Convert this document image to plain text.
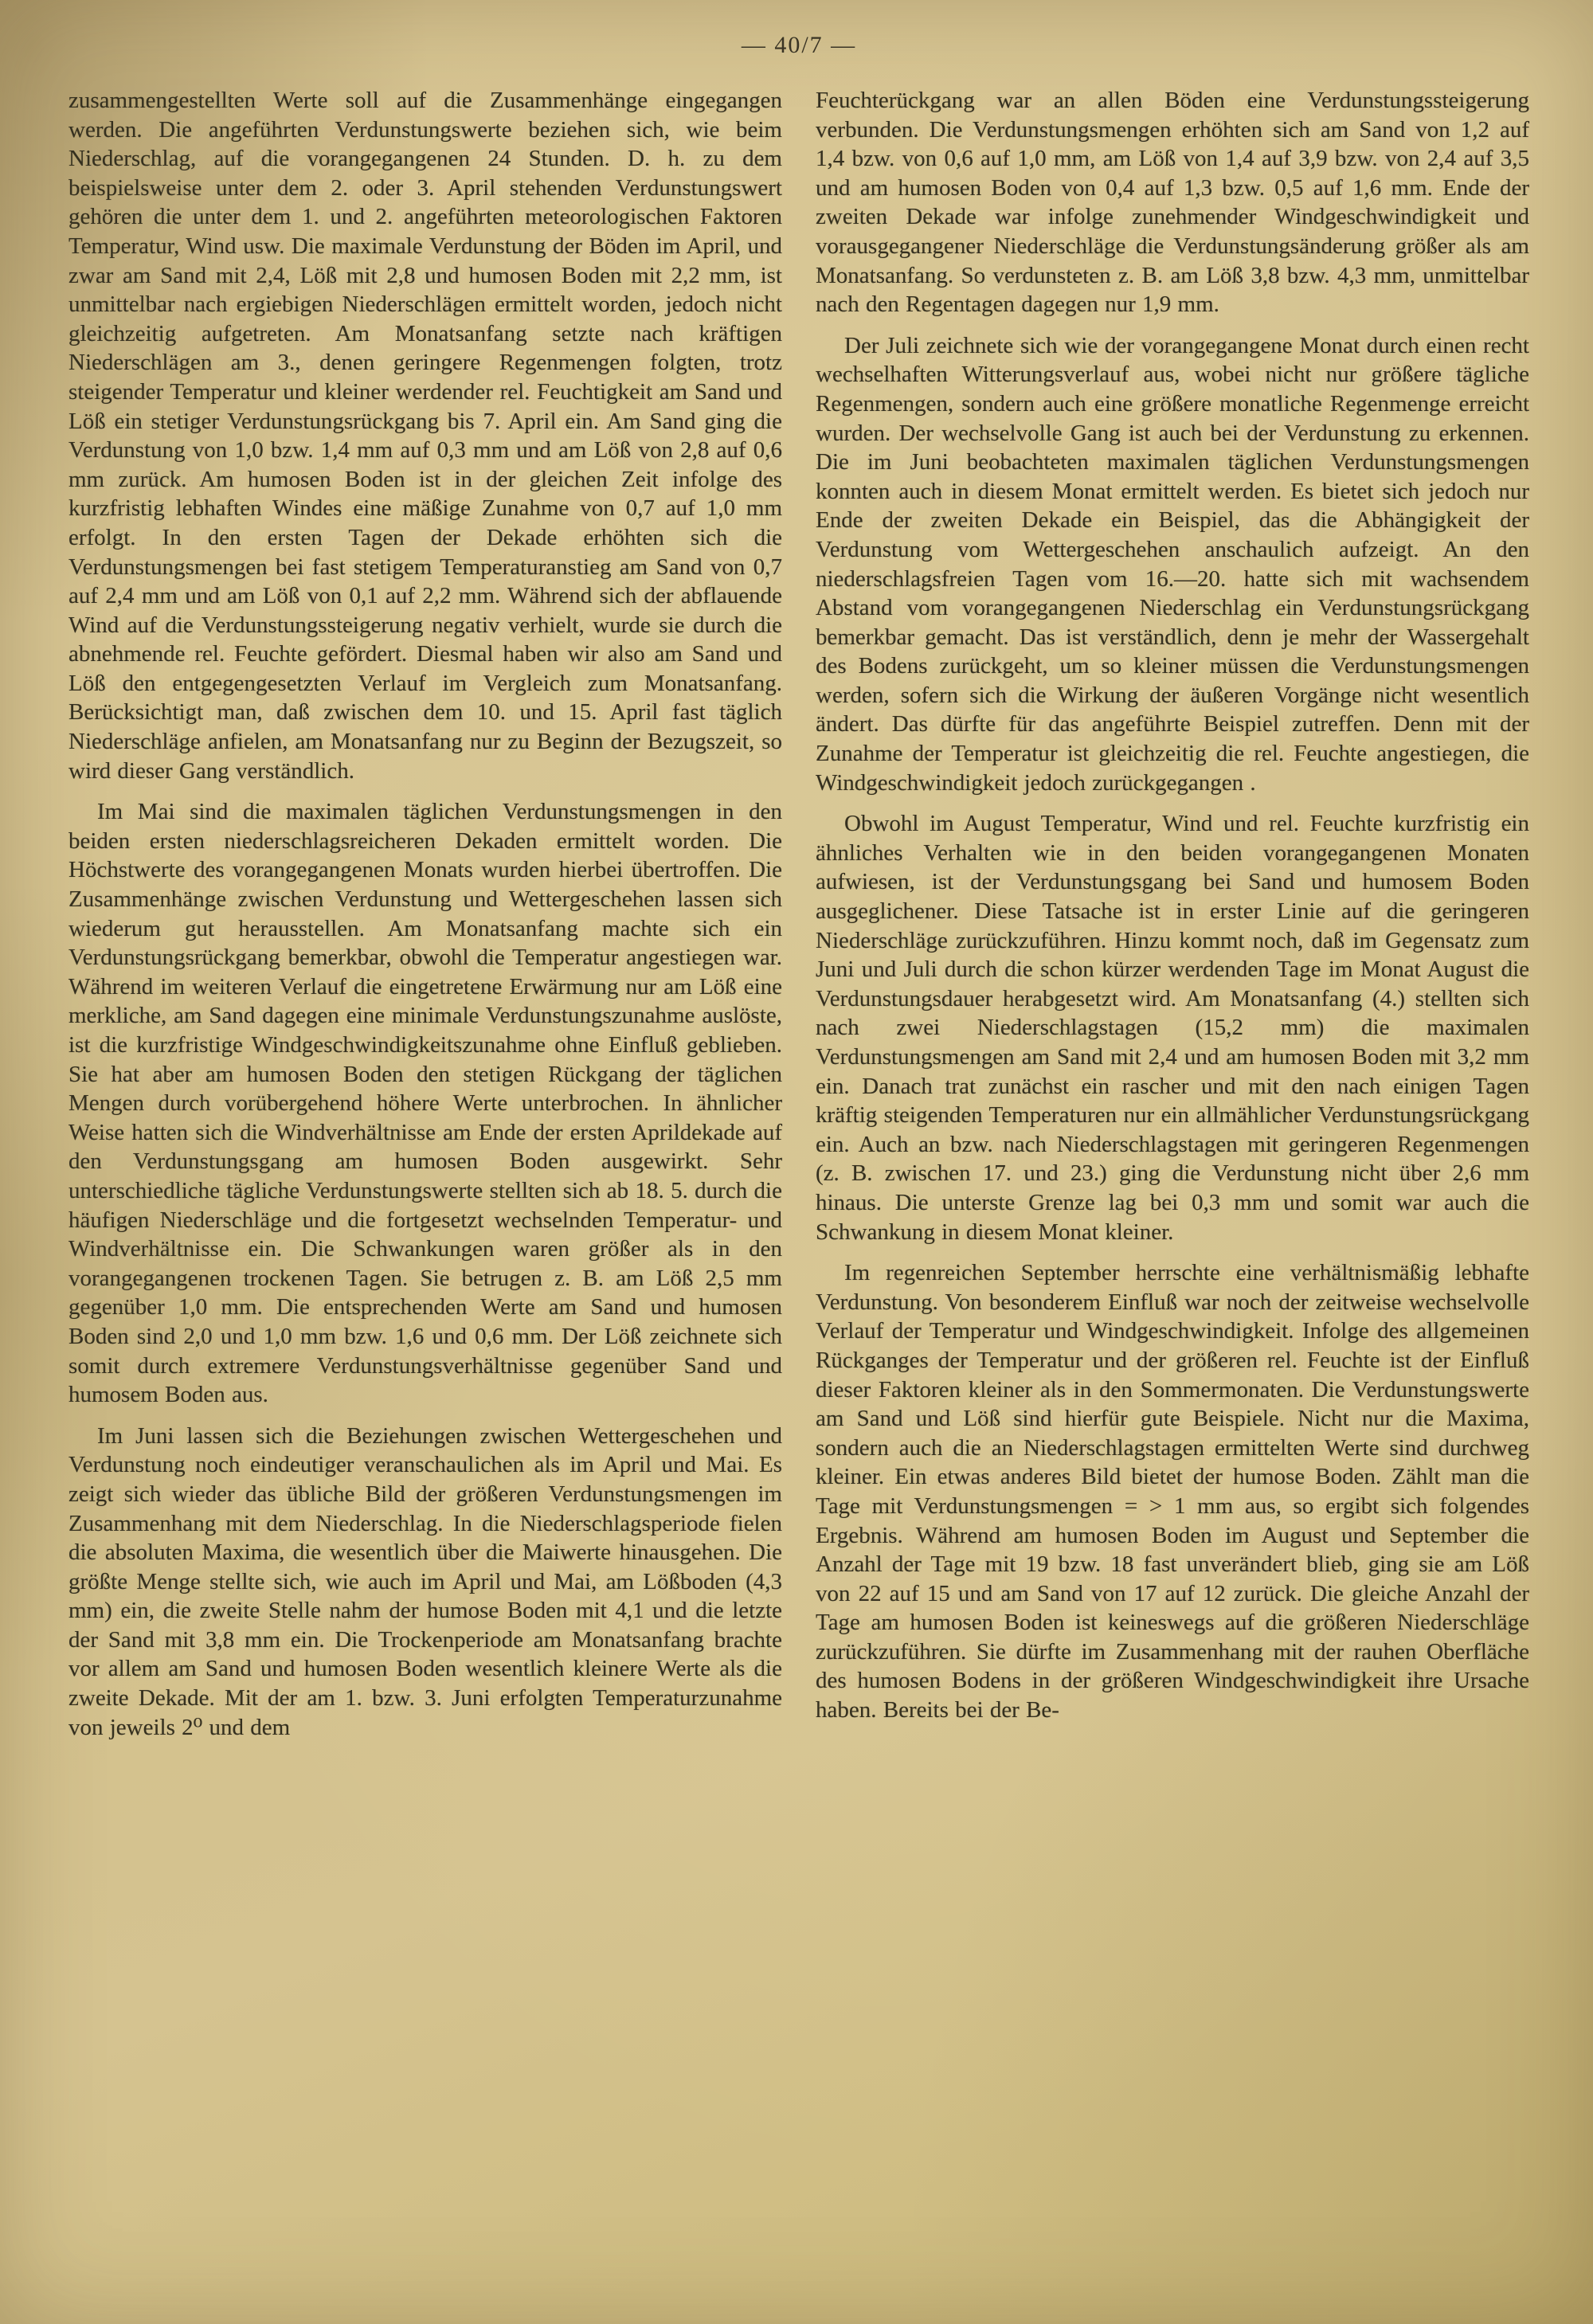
— 40/7 —

zusammengestellten Werte soll auf die Zusammenhänge eingegangen werden. Die angeführten Verdunstungswerte beziehen sich, wie beim Niederschlag, auf die vorangegangenen 24 Stunden. D. h. zu dem beispielsweise unter dem 2. oder 3. April stehenden Verdunstungswert gehören die unter dem 1. und 2. angeführten meteorologischen Faktoren Temperatur, Wind usw. Die maximale Verdunstung der Böden im April, und zwar am Sand mit 2,4, Löß mit 2,8 und humosen Boden mit 2,2 mm, ist unmittelbar nach ergiebigen Niederschlägen ermittelt worden, jedoch nicht gleichzeitig aufgetreten. Am Monatsanfang setzte nach kräftigen Niederschlägen am 3., denen geringere Regenmengen folgten, trotz steigender Temperatur und kleiner werdender rel. Feuchtigkeit am Sand und Löß ein stetiger Verdunstungsrückgang bis 7. April ein. Am Sand ging die Verdunstung von 1,0 bzw. 1,4 mm auf 0,3 mm und am Löß von 2,8 auf 0,6 mm zurück. Am humosen Boden ist in der gleichen Zeit infolge des kurzfristig lebhaften Windes eine mäßige Zunahme von 0,7 auf 1,0 mm erfolgt. In den ersten Tagen der Dekade erhöhten sich die Verdunstungsmengen bei fast stetigem Temperaturanstieg am Sand von 0,7 auf 2,4 mm und am Löß von 0,1 auf 2,2 mm. Während sich der abflauende Wind auf die Verdunstungssteigerung negativ verhielt, wurde sie durch die abnehmende rel. Feuchte gefördert. Diesmal haben wir also am Sand und Löß den entgegengesetzten Verlauf im Vergleich zum Monatsanfang. Berücksichtigt man, daß zwischen dem 10. und 15. April fast täglich Niederschläge anfielen, am Monatsanfang nur zu Beginn der Bezugszeit, so wird dieser Gang verständlich.

Im Mai sind die maximalen täglichen Verdunstungsmengen in den beiden ersten niederschlagsreicheren Dekaden ermittelt worden. Die Höchstwerte des vorangegangenen Monats wurden hierbei übertroffen. Die Zusammenhänge zwischen Verdunstung und Wettergeschehen lassen sich wiederum gut herausstellen. Am Monatsanfang machte sich ein Verdunstungsrückgang bemerkbar, obwohl die Temperatur angestiegen war. Während im weiteren Verlauf die eingetretene Erwärmung nur am Löß eine merkliche, am Sand dagegen eine minimale Verdunstungszunahme auslöste, ist die kurzfristige Windgeschwindigkeitszunahme ohne Einfluß geblieben. Sie hat aber am humosen Boden den stetigen Rückgang der täglichen Mengen durch vorübergehend höhere Werte unterbrochen. In ähnlicher Weise hatten sich die Windverhältnisse am Ende der ersten Aprildekade auf den Verdunstungsgang am humosen Boden ausgewirkt. Sehr unterschiedliche tägliche Verdunstungswerte stellten sich ab 18. 5. durch die häufigen Niederschläge und die fortgesetzt wechselnden Temperatur- und Windverhältnisse ein. Die Schwankungen waren größer als in den vorangegangenen trockenen Tagen. Sie betrugen z. B. am Löß 2,5 mm gegenüber 1,0 mm. Die entsprechenden Werte am Sand und humosen Boden sind 2,0 und 1,0 mm bzw. 1,6 und 0,6 mm. Der Löß zeichnete sich somit durch extremere Verdunstungsverhältnisse gegenüber Sand und humosem Boden aus.

Im Juni lassen sich die Beziehungen zwischen Wettergeschehen und Verdunstung noch eindeutiger veranschaulichen als im April und Mai. Es zeigt sich wieder das übliche Bild der größeren Verdunstungsmengen im Zusammenhang mit dem Niederschlag. In die Niederschlagsperiode fielen die absoluten Maxima, die wesentlich über die Maiwerte hinausgehen. Die größte Menge stellte sich, wie auch im April und Mai, am Lößboden (4,3 mm) ein, die zweite Stelle nahm der humose Boden mit 4,1 und die letzte der Sand mit 3,8 mm ein. Die Trockenperiode am Monatsanfang brachte vor allem am Sand und humosen Boden wesentlich kleinere Werte als die zweite Dekade. Mit der am 1. bzw. 3. Juni erfolgten Temperaturzunahme von jeweils 2⁰ und dem

Feuchterückgang war an allen Böden eine Verdunstungssteigerung verbunden. Die Verdunstungsmengen erhöhten sich am Sand von 1,2 auf 1,4 bzw. von 0,6 auf 1,0 mm, am Löß von 1,4 auf 3,9 bzw. von 2,4 auf 3,5 und am humosen Boden von 0,4 auf 1,3 bzw. 0,5 auf 1,6 mm. Ende der zweiten Dekade war infolge zunehmender Windgeschwindigkeit und vorausgegangener Niederschläge die Verdunstungsänderung größer als am Monatsanfang. So verdunsteten z. B. am Löß 3,8 bzw. 4,3 mm, unmittelbar nach den Regentagen dagegen nur 1,9 mm.

Der Juli zeichnete sich wie der vorangegangene Monat durch einen recht wechselhaften Witterungsverlauf aus, wobei nicht nur größere tägliche Regenmengen, sondern auch eine größere monatliche Regenmenge erreicht wurden. Der wechselvolle Gang ist auch bei der Verdunstung zu erkennen. Die im Juni beobachteten maximalen täglichen Verdunstungsmengen konnten auch in diesem Monat ermittelt werden. Es bietet sich jedoch nur Ende der zweiten Dekade ein Beispiel, das die Abhängigkeit der Verdunstung vom Wettergeschehen anschaulich aufzeigt. An den niederschlagsfreien Tagen vom 16.—20. hatte sich mit wachsendem Abstand vom vorangegangenen Niederschlag ein Verdunstungsrückgang bemerkbar gemacht. Das ist verständlich, denn je mehr der Wassergehalt des Bodens zurückgeht, um so kleiner müssen die Verdunstungsmengen werden, sofern sich die Wirkung der äußeren Vorgänge nicht wesentlich ändert. Das dürfte für das angeführte Beispiel zutreffen. Denn mit der Zunahme der Temperatur ist gleichzeitig die rel. Feuchte angestiegen, die Windgeschwindigkeit jedoch zurückgegangen .

Obwohl im August Temperatur, Wind und rel. Feuchte kurzfristig ein ähnliches Verhalten wie in den beiden vorangegangenen Monaten aufwiesen, ist der Verdunstungsgang bei Sand und humosem Boden ausgeglichener. Diese Tatsache ist in erster Linie auf die geringeren Niederschläge zurückzuführen. Hinzu kommt noch, daß im Gegensatz zum Juni und Juli durch die schon kürzer werdenden Tage im Monat August die Verdunstungsdauer herabgesetzt wird. Am Monatsanfang (4.) stellten sich nach zwei Niederschlagstagen (15,2 mm) die maximalen Verdunstungsmengen am Sand mit 2,4 und am humosen Boden mit 3,2 mm ein. Danach trat zunächst ein rascher und mit den nach einigen Tagen kräftig steigenden Temperaturen nur ein allmählicher Verdunstungsrückgang ein. Auch an bzw. nach Niederschlagstagen mit geringeren Regenmengen (z. B. zwischen 17. und 23.) ging die Verdunstung nicht über 2,6 mm hinaus. Die unterste Grenze lag bei 0,3 mm und somit war auch die Schwankung in diesem Monat kleiner.

Im regenreichen September herrschte eine verhältnismäßig lebhafte Verdunstung. Von besonderem Einfluß war noch der zeitweise wechselvolle Verlauf der Temperatur und Windgeschwindigkeit. Infolge des allgemeinen Rückganges der Temperatur und der größeren rel. Feuchte ist der Einfluß dieser Faktoren kleiner als in den Sommermonaten. Die Verdunstungswerte am Sand und Löß sind hierfür gute Beispiele. Nicht nur die Maxima, sondern auch die an Niederschlagstagen ermittelten Werte sind durchweg kleiner. Ein etwas anderes Bild bietet der humose Boden. Zählt man die Tage mit Verdunstungsmengen = > 1 mm aus, so ergibt sich folgendes Ergebnis. Während am humosen Boden im August und September die Anzahl der Tage mit 19 bzw. 18 fast unverändert blieb, ging sie am Löß von 22 auf 15 und am Sand von 17 auf 12 zurück. Die gleiche Anzahl der Tage am humosen Boden ist keineswegs auf die größeren Niederschläge zurückzuführen. Sie dürfte im Zusammenhang mit der rauhen Oberfläche des humosen Bodens in der größeren Windgeschwindigkeit ihre Ursache haben. Bereits bei der Be-
